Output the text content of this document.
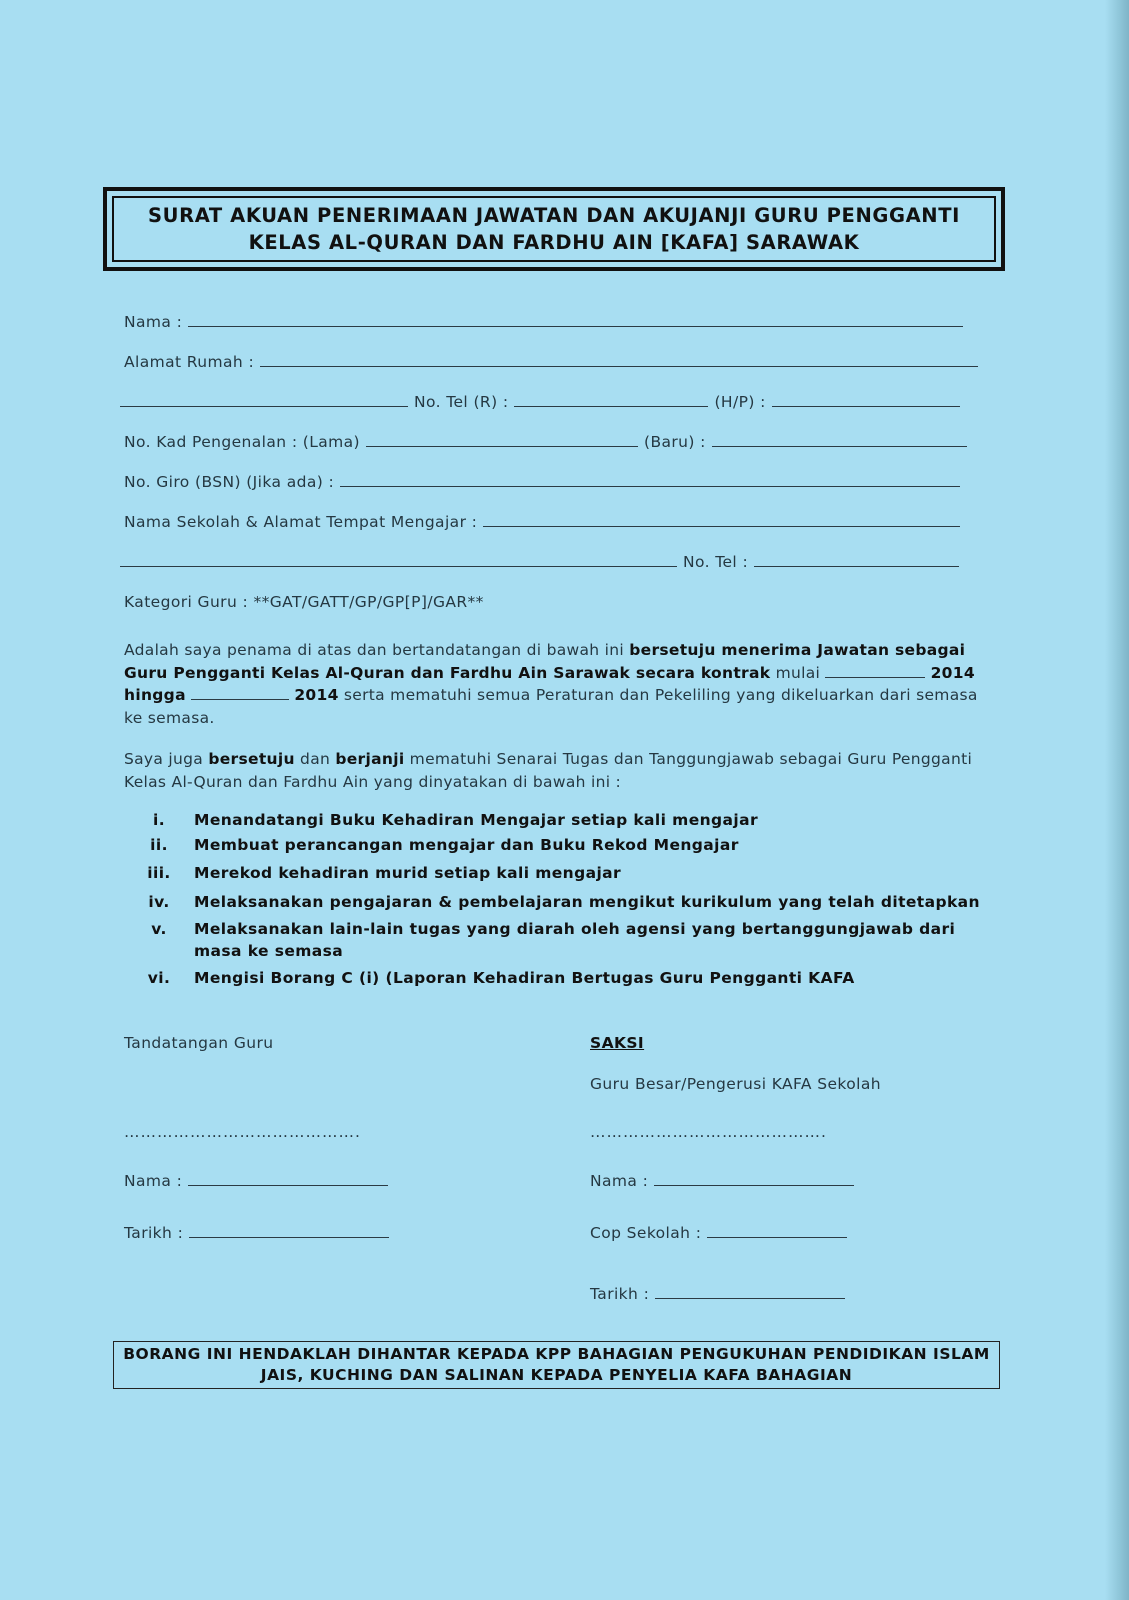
SURAT AKUAN PENERIMAAN JAWATAN DAN AKUJANJI GURU PENGGANTI
KELAS AL-QURAN DAN FARDHU AIN [KAFA] SARAWAK
Nama :
Alamat Rumah :
No. Tel (R) :	(H/P) :
No. Kad Pengenalan : (Lama)	(Baru) :
No. Giro (BSN) (Jika ada) :
Nama Sekolah & Alamat Tempat Mengajar :
No. Tel :
Kategori Guru : **GAT/GATT/GP/GP[P]/GAR**
Adalah saya penama di atas dan bertandatangan di bawah ini bersetuju menerima Jawatan sebagai Guru Pengganti Kelas Al-Quran dan Fardhu Ain Sarawak secara kontrak mulai	2014 hingga	2014 serta mematuhi semua Peraturan dan Pekeliling yang dikeluarkan dari semasa ke semasa.
Saya juga bersetuju dan berjanji mematuhi Senarai Tugas dan Tanggungjawab sebagai Guru Pengganti Kelas Al-Quran dan Fardhu Ain yang dinyatakan di bawah ini :
i.	Menandatangi Buku Kehadiran Mengajar setiap kali mengajar
ii.	Membuat perancangan mengajar dan Buku Rekod Mengajar
iii.	Merekod kehadiran murid setiap kali mengajar
iv.	Melaksanakan pengajaran & pembelajaran mengikut kurikulum yang telah ditetapkan
v.	Melaksanakan lain-lain tugas yang diarah oleh agensi yang bertanggungjawab dari masa ke semasa
vi.	Mengisi Borang C (i) (Laporan Kehadiran Bertugas Guru Pengganti KAFA
Tandatangan Guru
…………………………………….
Nama :
Tarikh :
SAKSI
Guru Besar/Pengerusi KAFA Sekolah
…………………………………….
Nama :
Cop Sekolah :
Tarikh :
BORANG INI HENDAKLAH DIHANTAR KEPADA KPP BAHAGIAN PENGUKUHAN PENDIDIKAN ISLAM
JAIS, KUCHING DAN SALINAN KEPADA PENYELIA KAFA BAHAGIAN
